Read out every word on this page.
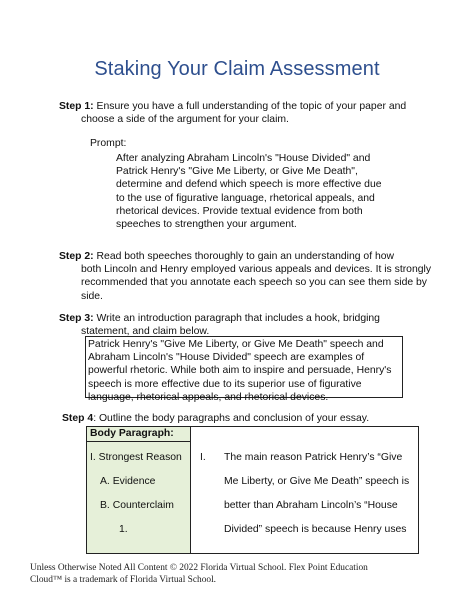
Staking Your Claim Assessment
Step 1: Ensure you have a full understanding of the topic of your paper and
choose a side of the argument for your claim.
Prompt:
After analyzing Abraham Lincoln's "House Divided" and Patrick Henry's "Give Me Liberty, or Give Me Death", determine and defend which speech is more effective due to the use of figurative language, rhetorical appeals, and rhetorical devices. Provide textual evidence from both speeches to strengthen your argument.
Step 2: Read both speeches thoroughly to gain an understanding of how
both Lincoln and Henry employed various appeals and devices. It is strongly recommended that you annotate each speech so you can see them side by side.
Step 3: Write an introduction paragraph that includes a hook, bridging
statement, and claim below.
Patrick Henry's "Give Me Liberty, or Give Me Death" speech and Abraham Lincoln's "House Divided" speech are examples of powerful rhetoric. While both aim to inspire and persuade, Henry's speech is more effective due to its superior use of figurative language, rhetorical appeals, and rhetorical devices.
Step 4: Outline the body paragraphs and conclusion of your essay.
Body Paragraph:
I. Strongest Reason
A. Evidence
B. Counterclaim
1.
I. The main reason Patrick Henry’s “Give
Me Liberty, or Give Me Death” speech is
better than Abraham Lincoln’s “House
Divided” speech is because Henry uses
Unless Otherwise Noted All Content © 2022 Florida Virtual School. Flex Point Education
Cloud™ is a trademark of Florida Virtual School.
